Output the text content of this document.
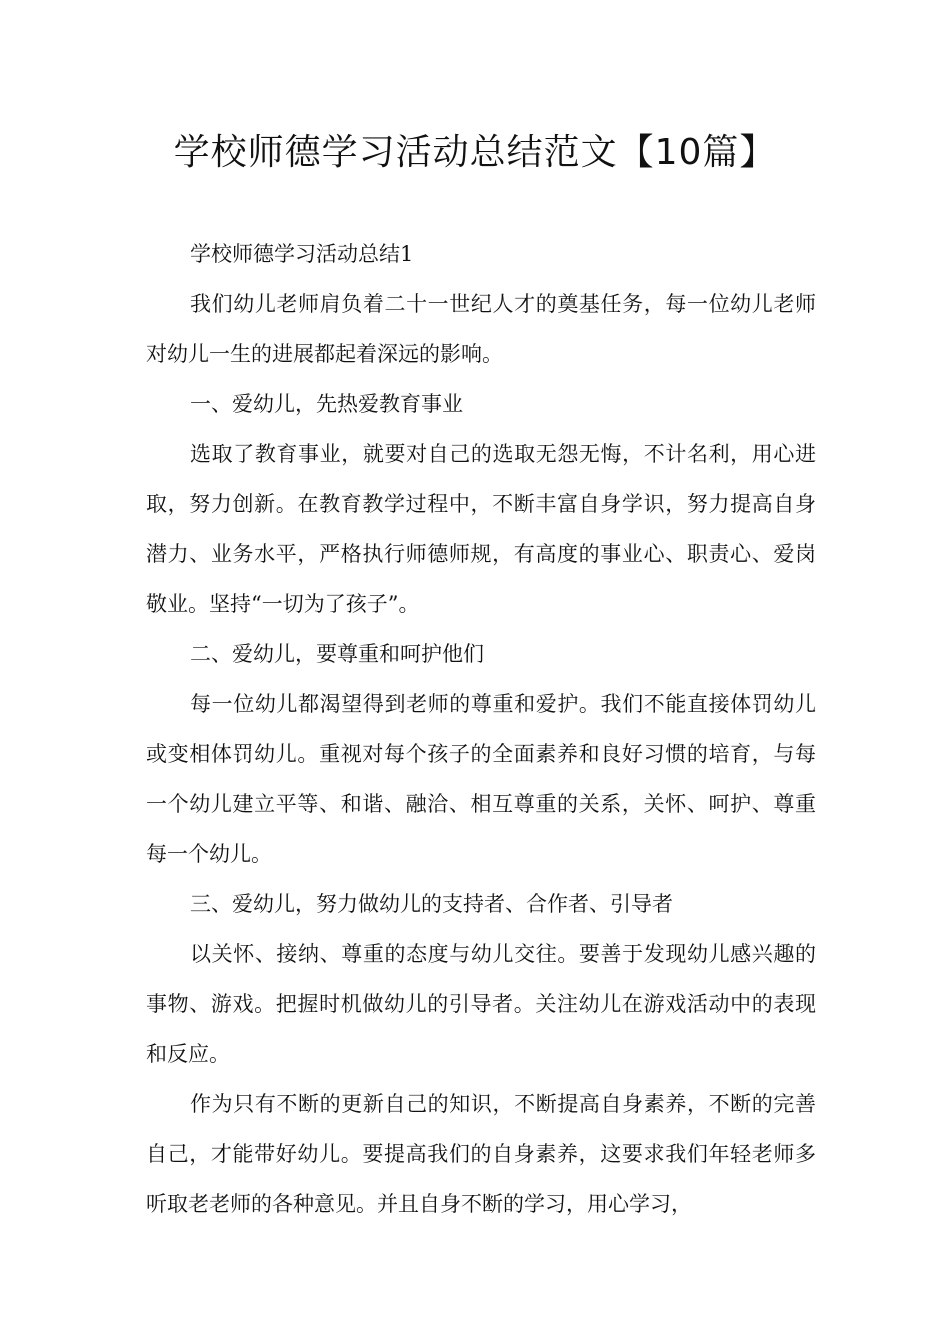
学校师德学习活动总结范文【10篇】

学校师德学习活动总结1

我们幼儿老师肩负着二十一世纪人才的奠基任务，每一位幼儿老师对幼儿一生的进展都起着深远的影响。

一、爱幼儿，先热爱教育事业

选取了教育事业，就要对自己的选取无怨无悔，不计名利，用心进取，努力创新。在教育教学过程中，不断丰富自身学识，努力提高自身潜力、业务水平，严格执行师德师规，有高度的事业心、职责心、爱岗敬业。坚持“一切为了孩子”。

二、爱幼儿，要尊重和呵护他们

每一位幼儿都渴望得到老师的尊重和爱护。我们不能直接体罚幼儿或变相体罚幼儿。重视对每个孩子的全面素养和良好习惯的培育，与每一个幼儿建立平等、和谐、融洽、相互尊重的关系，关怀、呵护、尊重每一个幼儿。

三、爱幼儿，努力做幼儿的支持者、合作者、引导者

以关怀、接纳、尊重的态度与幼儿交往。要善于发现幼儿感兴趣的事物、游戏。把握时机做幼儿的引导者。关注幼儿在游戏活动中的表现和反应。

作为只有不断的更新自己的知识，不断提高自身素养，不断的完善自己，才能带好幼儿。要提高我们的自身素养，这要求我们年轻老师多听取老老师的各种意见。并且自身不断的学习，用心学习，
